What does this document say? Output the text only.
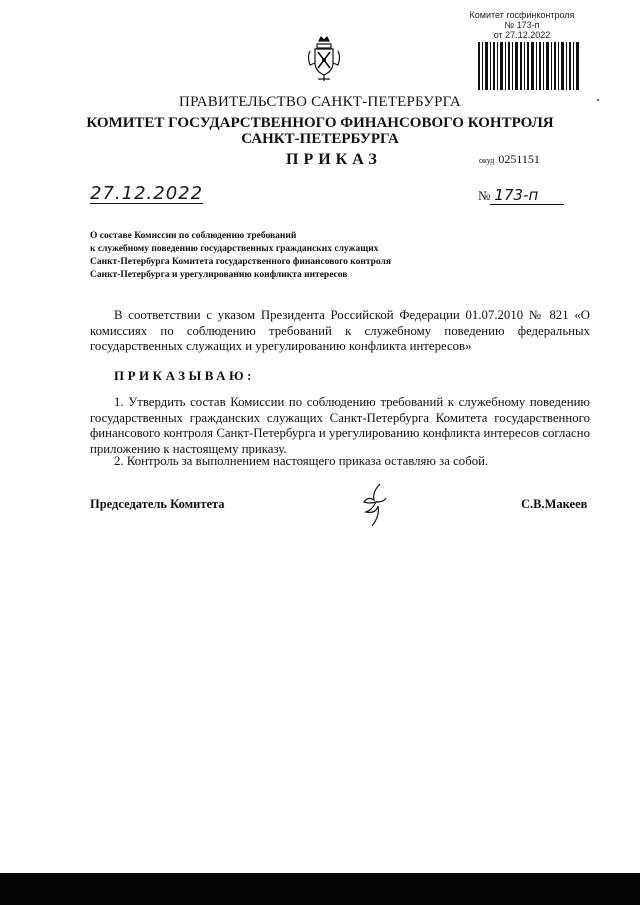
Комитет госфинконтроля
№ 173-п
от 27.12.2022
ПРАВИТЕЛЬСТВО САНКТ-ПЕТЕРБУРГА
КОМИТЕТ ГОСУДАРСТВЕННОГО ФИНАНСОВОГО КОНТРОЛЯ
САНКТ-ПЕТЕРБУРГА
ПРИКАЗ	окуд 0251151
27.12.2022	№ 173-п
О составе Комиссии по соблюдению требований
к служебному поведению государственных гражданских служащих
Санкт-Петербурга Комитета государственного финансового контроля
Санкт-Петербурга и урегулированию конфликта интересов
В соответствии с указом Президента Российской Федерации 01.07.2010 № 821 «О комиссиях по соблюдению требований к служебному поведению федеральных государственных служащих и урегулированию конфликта интересов»
ПРИКАЗЫВАЮ:
1. Утвердить состав Комиссии по соблюдению требований к служебному поведению государственных гражданских служащих Санкт-Петербурга Комитета государственного финансового контроля Санкт-Петербурга и урегулированию конфликта интересов согласно приложению к настоящему приказу.
2. Контроль за выполнением настоящего приказа оставляю за собой.
Председатель Комитета	С.В.Макеев
